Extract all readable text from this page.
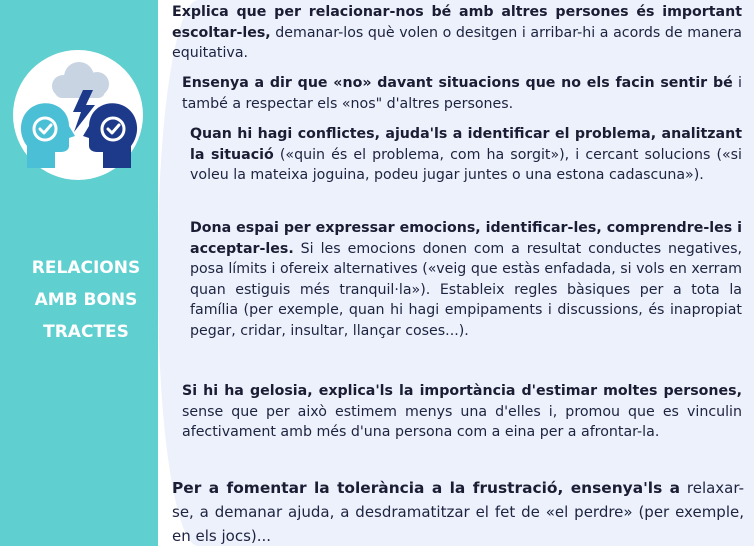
RELACIONS
AMB BONS
TRACTES
Explica que per relacionar-nos bé amb altres persones és important escoltar-les, demanar-los què volen o desitgen i arribar-hi a acords de manera equitativa.
Ensenya a dir que «no» davant situacions que no els facin sentir bé i també a respectar els «nos" d'altres persones.
Quan hi hagi conflictes, ajuda'ls a identificar el problema, analitzant la situació («quin és el problema, com ha sorgit»), i cercant solucions («si voleu la mateixa joguina, podeu jugar juntes o una estona cadascuna»).
Dona espai per expressar emocions, identificar-les, comprendre-les i acceptar-les. Si les emocions donen com a resultat conductes negatives, posa límits i ofereix alternatives («veig que estàs enfadada, si vols en xerram quan estiguis més tranquil·la»). Estableix regles bàsiques per a tota la família (per exemple, quan hi hagi empipaments i discussions, és inapropiat pegar, cridar, insultar, llançar coses...).
Si hi ha gelosia, explica'ls la importància d'estimar moltes persones, sense que per això estimem menys una d'elles i, promou que es vinculin afectivament amb més d'una persona com a eina per a afrontar-la.
Per a fomentar la tolerància a la frustració, ensenya'ls a relaxar-se, a demanar ajuda, a desdramatitzar el fet de «el perdre» (per exemple, en els jocs)...
